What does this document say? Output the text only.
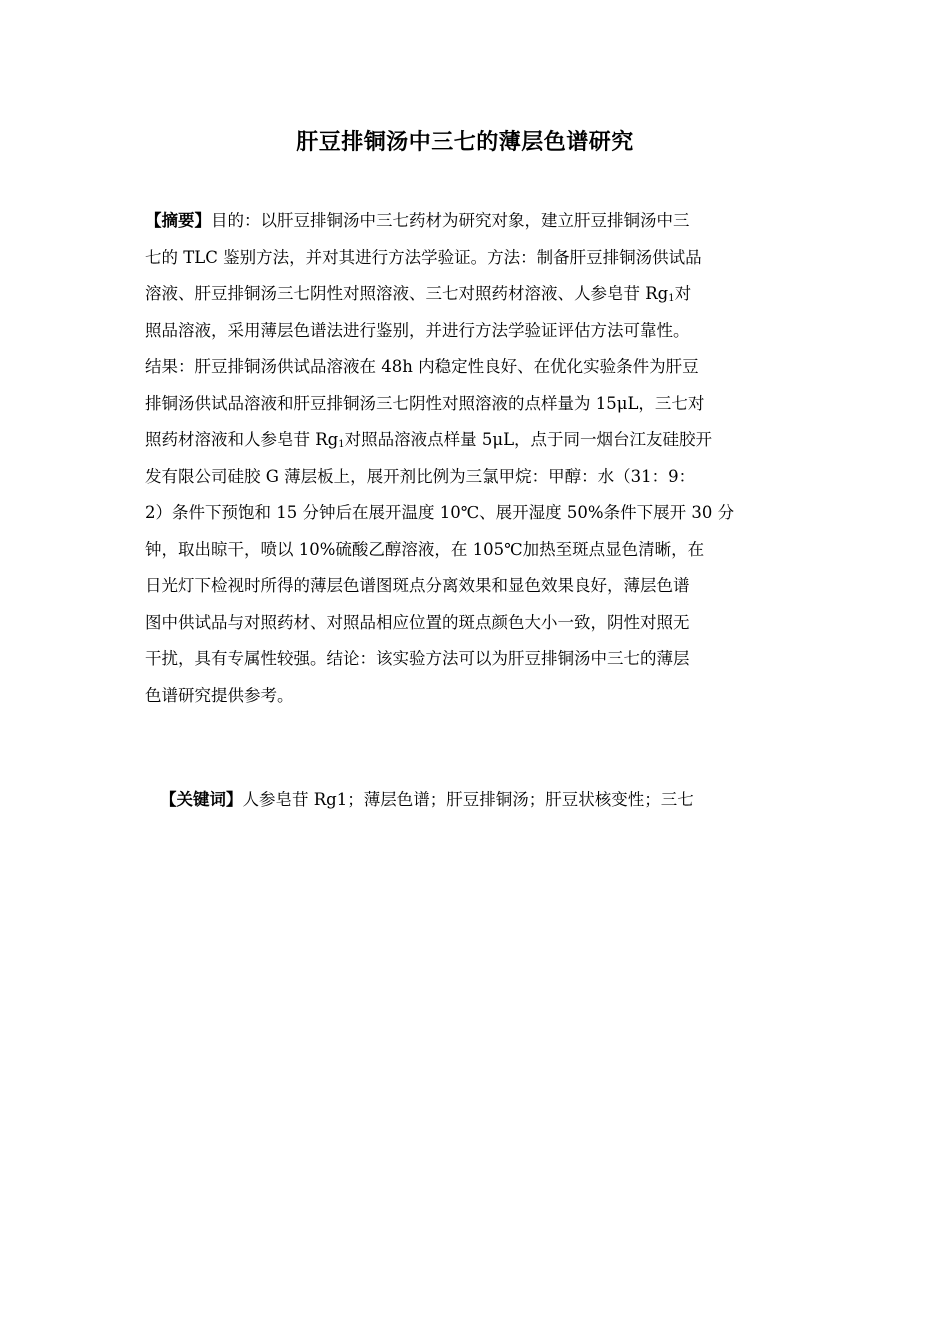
肝豆排铜汤中三七的薄层色谱研究
【摘要】目的：以肝豆排铜汤中三七药材为研究对象，建立肝豆排铜汤中三
七的 TLC 鉴别方法，并对其进行方法学验证。方法：制备肝豆排铜汤供试品
溶液、肝豆排铜汤三七阴性对照溶液、三七对照药材溶液、人参皂苷 $Rg_1$对
照品溶液，采用薄层色谱法进行鉴别，并进行方法学验证评估方法可靠性。
结果：肝豆排铜汤供试品溶液在 48h 内稳定性良好、在优化实验条件为肝豆
排铜汤供试品溶液和肝豆排铜汤三七阴性对照溶液的点样量为 15μL，三七对
照药材溶液和人参皂苷 $Rg_1$对照品溶液点样量 5μL，点于同一烟台江友硅胶开
发有限公司硅胶 G 薄层板上，展开剂比例为三氯甲烷：甲醇：水（31：9：
2）条件下预饱和 15 分钟后在展开温度 10℃、展开湿度 50%条件下展开 30 分
钟，取出晾干，喷以 10%硫酸乙醇溶液，在 105℃加热至斑点显色清晰，在
日光灯下检视时所得的薄层色谱图斑点分离效果和显色效果良好，薄层色谱
图中供试品与对照药材、对照品相应位置的斑点颜色大小一致，阴性对照无
干扰，具有专属性较强。结论：该实验方法可以为肝豆排铜汤中三七的薄层
色谱研究提供参考。
【关键词】人参皂苷 Rg1；薄层色谱；肝豆排铜汤；肝豆状核变性；三七
